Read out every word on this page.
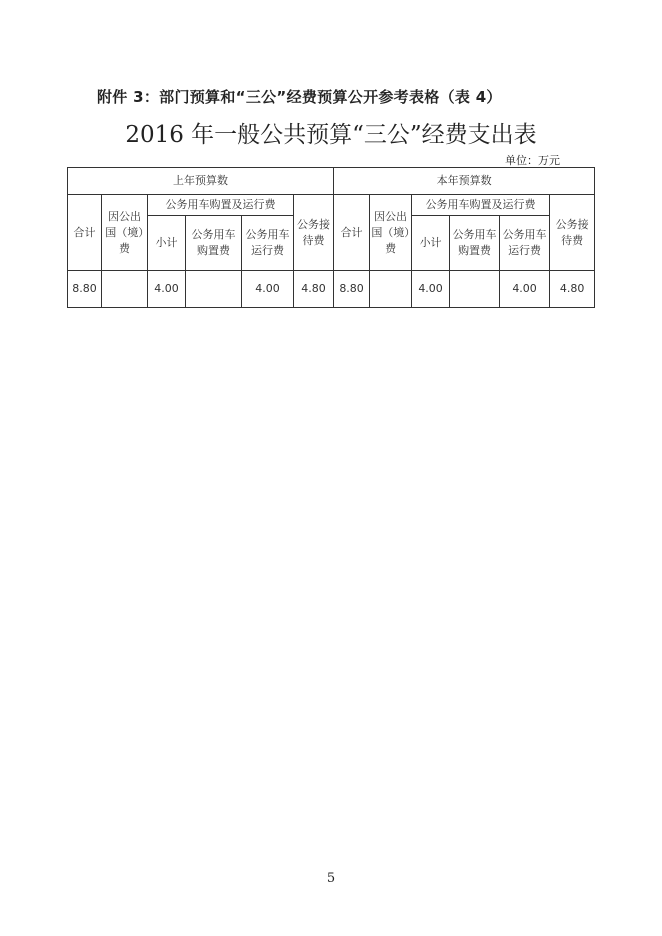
附件 3：部门预算和“三公”经费预算公开参考表格（表 4）
2016 年一般公共预算“三公”经费支出表
单位：万元
上年预算数						本年预算数					
合计	因公出国（境）费	公务用车购置及运行费			公务接待费	合计	因公出国（境）费	公务用车购置及运行费			公务接待费
		小计	公务用车购置费	公务用车运行费				小计	公务用车购置费	公务用车运行费	
8.80		4.00		4.00	4.80	8.80		4.00		4.00	4.80
5
